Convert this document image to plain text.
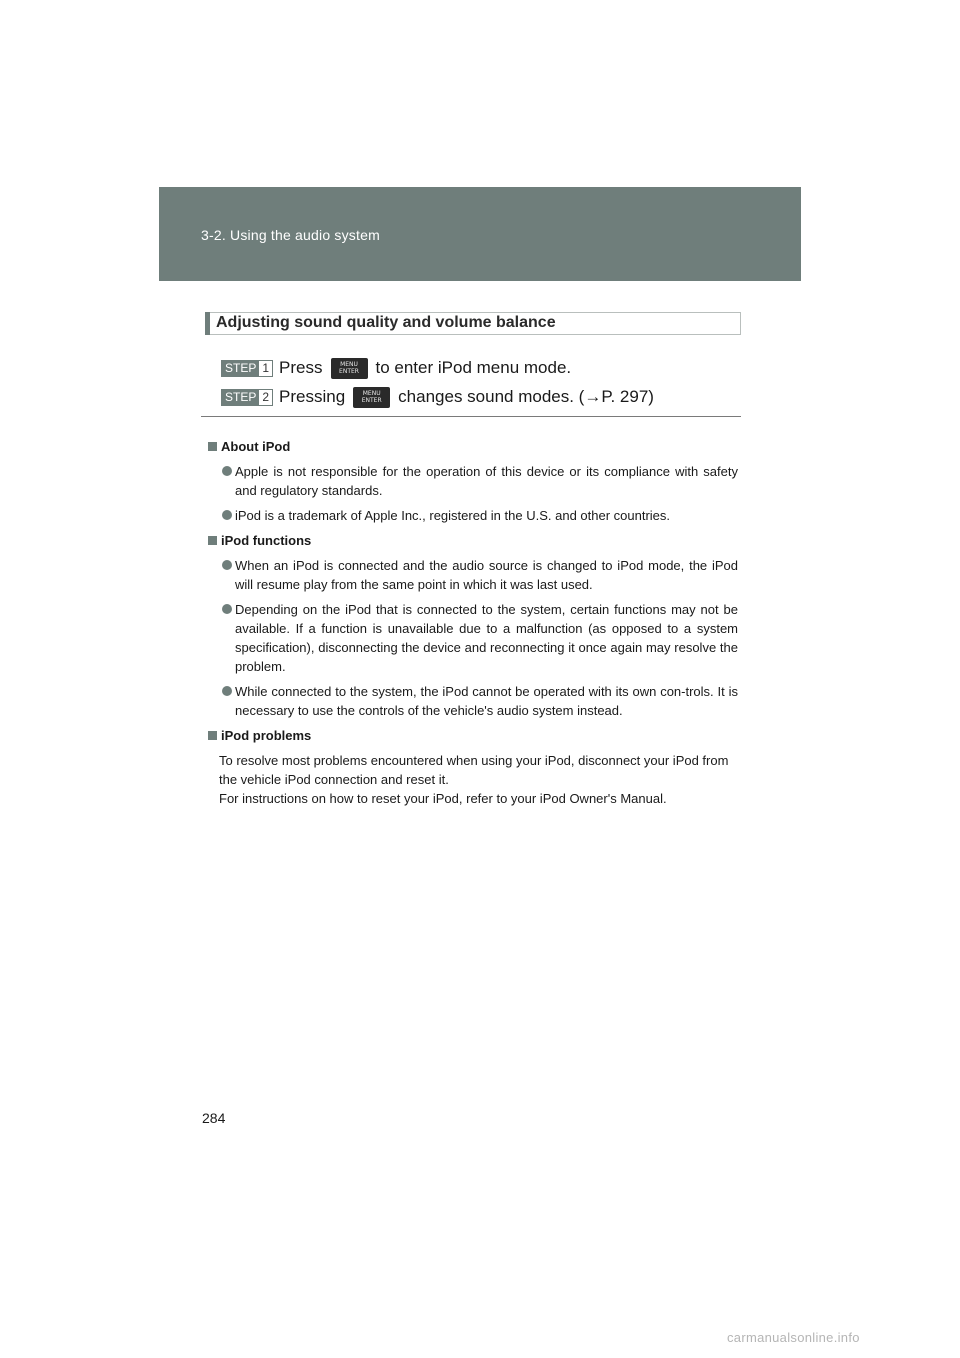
3-2. Using the audio system
Adjusting sound quality and volume balance
STEP 1 Press	MENU ENTER to enter iPod menu mode.
STEP 2 Pressing	MENU ENTER changes sound modes. (→P. 297)
About iPod
Apple is not responsible for the operation of this device or its compliance with safety and regulatory standards.
iPod is a trademark of Apple Inc., registered in the U.S. and other countries.
iPod functions
When an iPod is connected and the audio source is changed to iPod mode, the iPod will resume play from the same point in which it was last used.
Depending on the iPod that is connected to the system, certain functions may not be available. If a function is unavailable due to a malfunction (as opposed to a system specification), disconnecting the device and reconnecting it once again may resolve the problem.
While connected to the system, the iPod cannot be operated with its own con-trols. It is necessary to use the controls of the vehicle's audio system instead.
iPod problems
To resolve most problems encountered when using your iPod, disconnect your iPod from the vehicle iPod connection and reset it.
For instructions on how to reset your iPod, refer to your iPod Owner's Manual.
284
carmanualsonline.info
